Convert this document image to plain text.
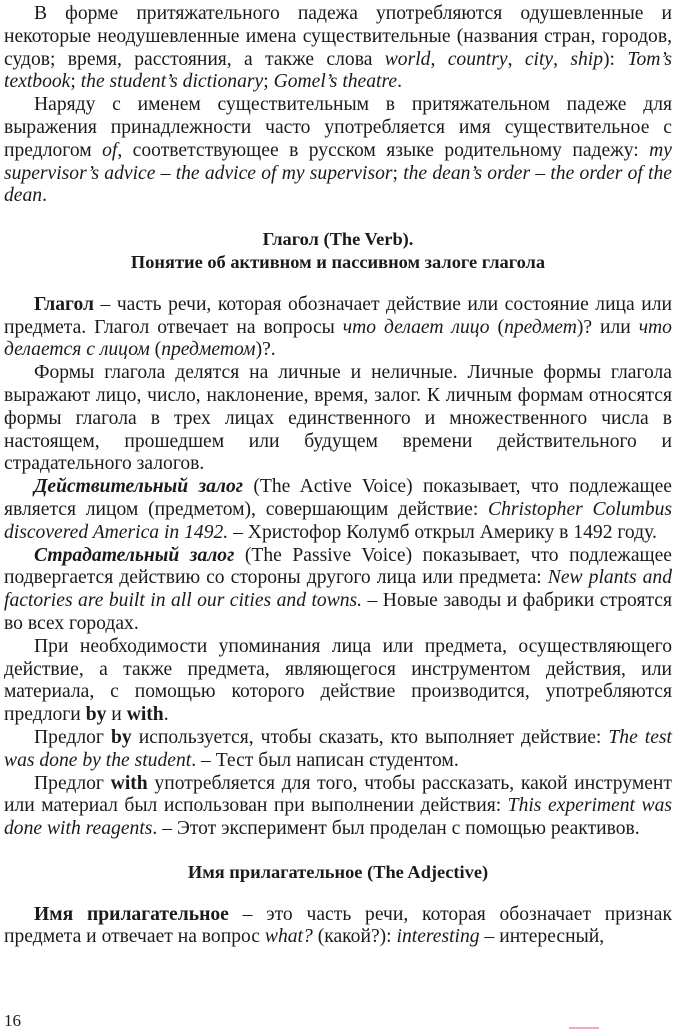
В форме притяжательного падежа употребляются одушевленные и некоторые неодушевленные имена существительные (названия стран, городов, судов; время, расстояния, а также слова world, country, city, ship): Tom’s textbook; the student’s dictionary; Gomel’s theatre.

Наряду с именем существительным в притяжательном падеже для выражения принадлежности часто употребляется имя существительное с предлогом of, соответствующее в русском языке родительному падежу: my supervisor’s advice – the advice of my supervisor; the dean’s order – the order of the dean.

Глагол (The Verb).
Понятие об активном и пассивном залоге глагола

Глагол – часть речи, которая обозначает действие или состояние лица или предмета. Глагол отвечает на вопросы что делает лицо (предмет)? или что делается с лицом (предметом)?.

Формы глагола делятся на личные и неличные. Личные формы глагола выражают лицо, число, наклонение, время, залог. К личным формам относятся формы глагола в трех лицах единственного и множественного числа в настоящем, прошедшем или будущем времени действительного и страдательного залогов.

Действительный залог (The Active Voice) показывает, что подлежащее является лицом (предметом), совершающим действие: Christopher Columbus discovered America in 1492. – Христофор Колумб открыл Америку в 1492 году.

Страдательный залог (The Passive Voice) показывает, что подлежащее подвергается действию со стороны другого лица или предмета: New plants and factories are built in all our cities and towns. – Новые заводы и фабрики строятся во всех городах.

При необходимости упоминания лица или предмета, осуществляющего действие, а также предмета, являющегося инструментом действия, или материала, с помощью которого действие производится, употребляются предлоги by и with.

Предлог by используется, чтобы сказать, кто выполняет действие: The test was done by the student. – Тест был написан студентом.

Предлог with употребляется для того, чтобы рассказать, какой инструмент или материал был использован при выполнении действия: This experiment was done with reagents. – Этот эксперимент был проделан с помощью реактивов.

Имя прилагательное (The Adjective)

Имя прилагательное – это часть речи, которая обозначает признак предмета и отвечает на вопрос what? (какой?): interesting – интересный,

16
